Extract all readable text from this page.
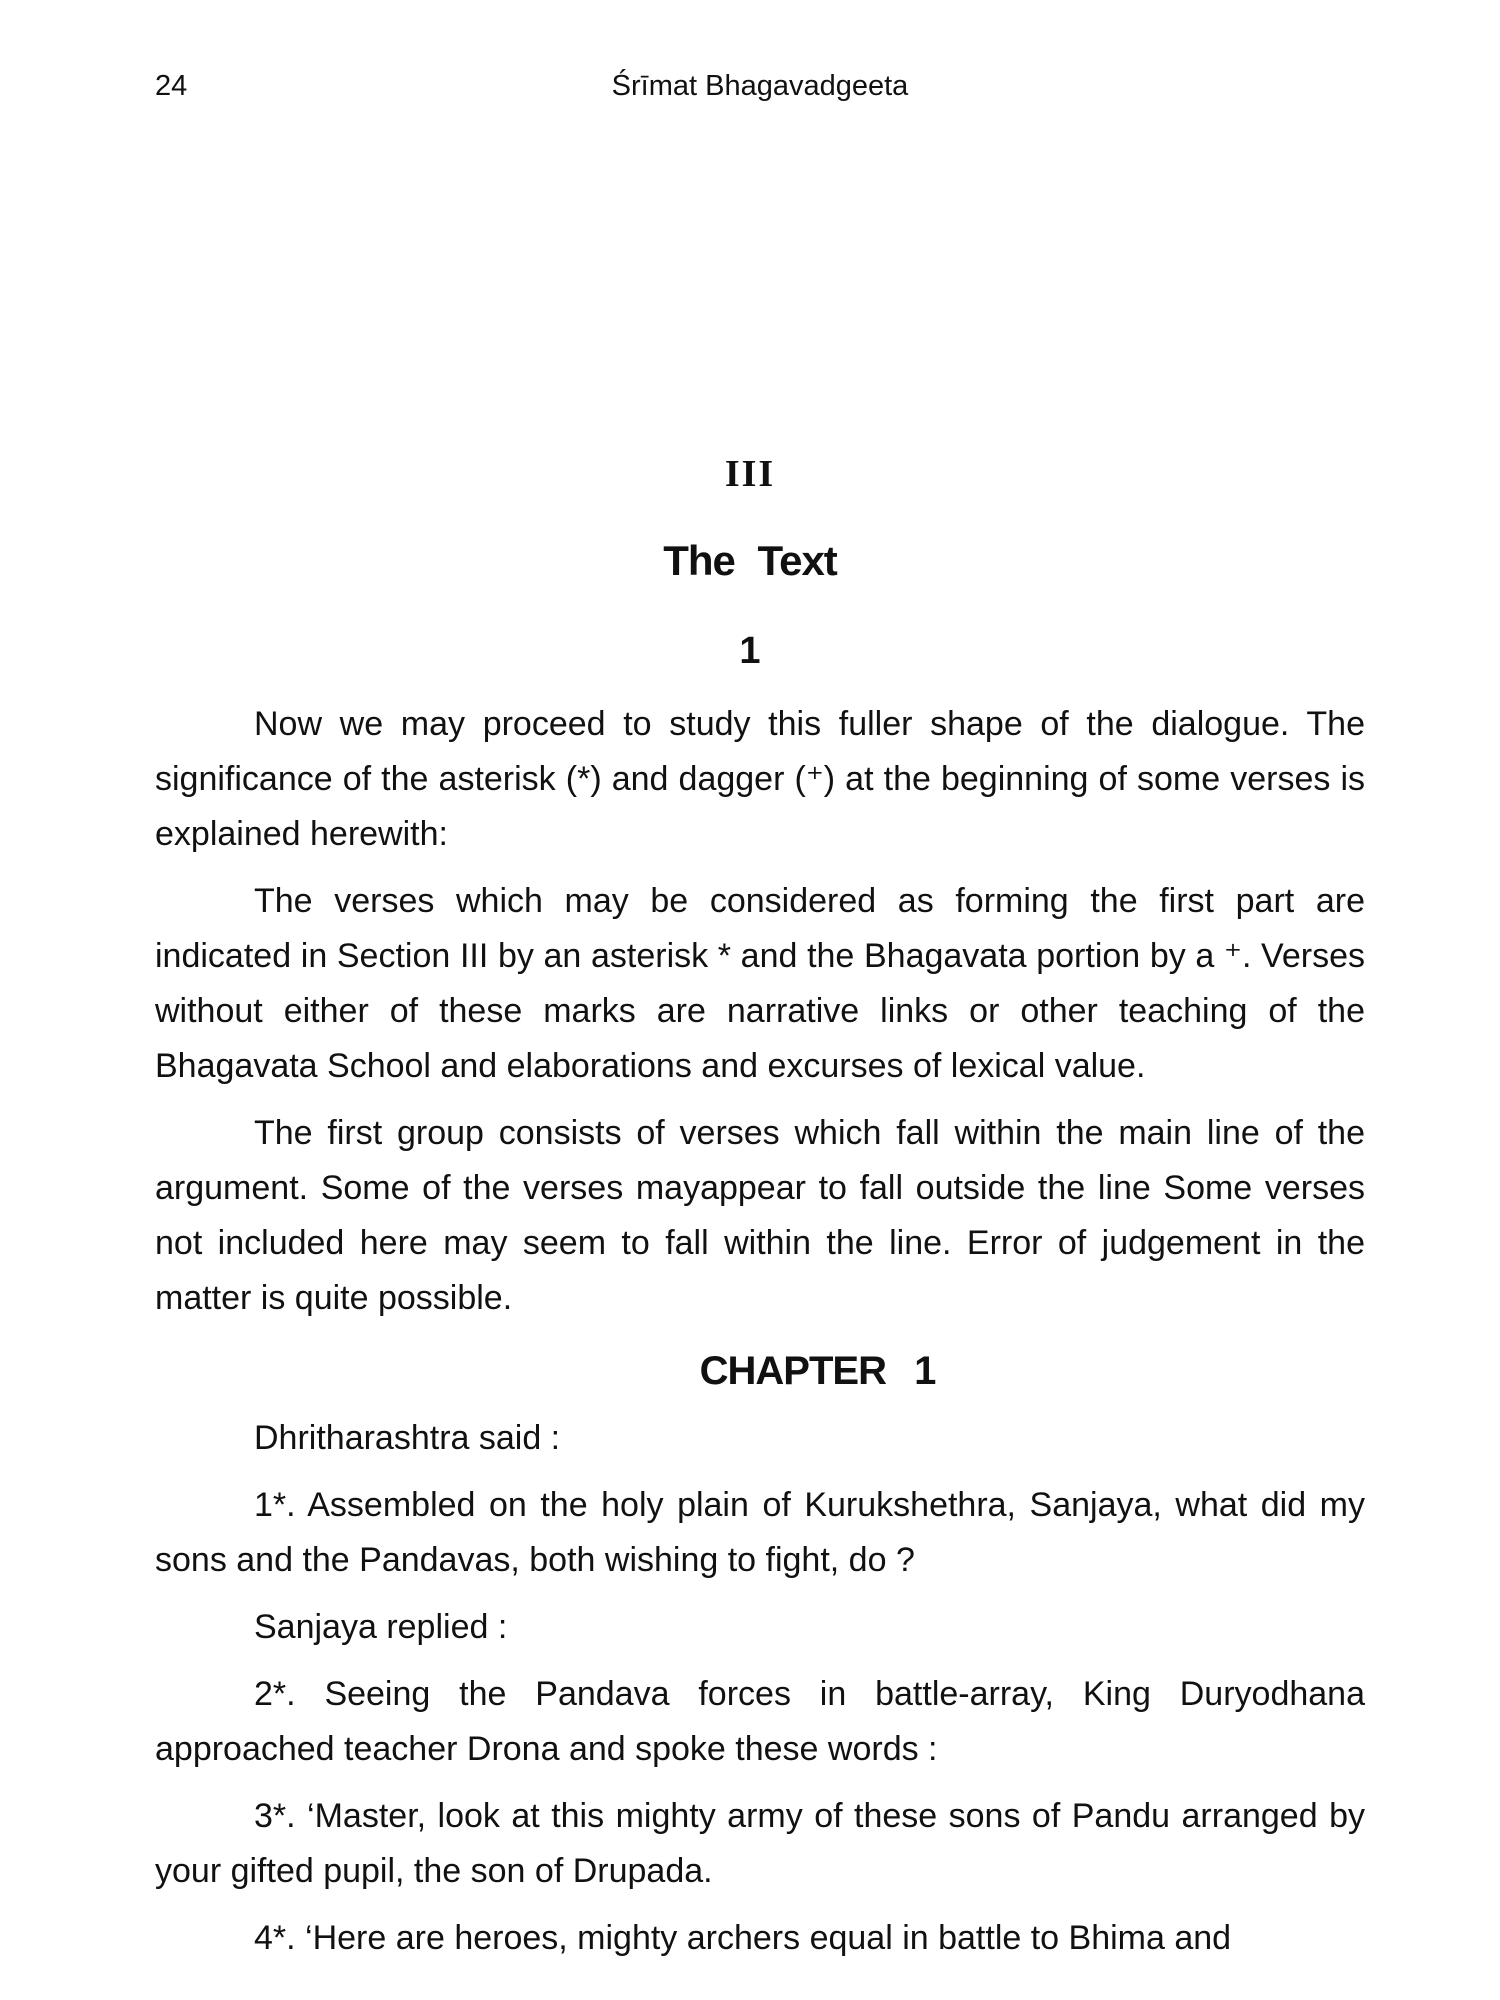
24	Śrīmat Bhagavadgeeta
III
The Text
1

Now we may proceed to study this fuller shape of the dialogue. The significance of the asterisk (*) and dagger (⁺) at the beginning of some verses is explained herewith:

The verses which may be considered as forming the first part are indicated in Section III by an asterisk * and the Bhagavata portion by a ⁺. Verses without either of these marks are narrative links or other teaching of the Bhagavata School and elaborations and excurses of lexical value.

The first group consists of verses which fall within the main line of the argument. Some of the verses mayappear to fall outside the line Some verses not included here may seem to fall within the line. Error of judgement in the matter is quite possible.

CHAPTER 1

Dhritharashtra said :

1*. Assembled on the holy plain of Kurukshethra, Sanjaya, what did my sons and the Pandavas, both wishing to fight, do ?

Sanjaya replied :

2*. Seeing the Pandava forces in battle-array, King Duryodhana approached teacher Drona and spoke these words :

3*. ‘Master, look at this mighty army of these sons of Pandu arranged by your gifted pupil, the son of Drupada.

4*. ‘Here are heroes, mighty archers equal in battle to Bhima and
